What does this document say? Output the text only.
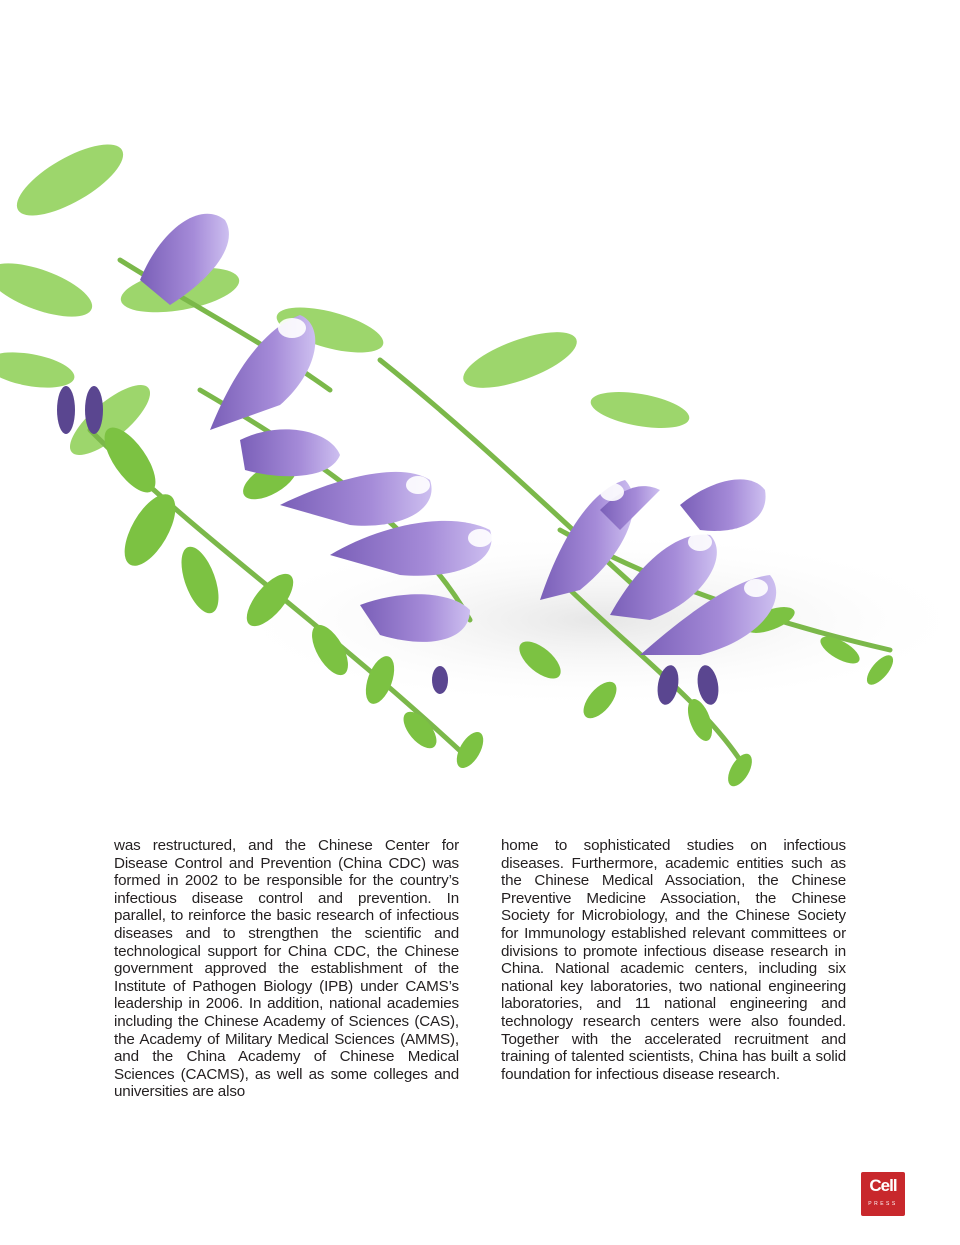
was restructured, and the Chinese Center for Disease Control and Prevention (China CDC) was formed in 2002 to be responsible for the country’s infectious disease control and prevention. In parallel, to reinforce the basic research of infectious diseases and to strengthen the scientific and technological support for China CDC, the Chinese government approved the establishment of the Institute of Pathogen Biology (IPB) under CAMS’s leadership in 2006. In addition, national academies including the Chinese Academy of Sciences (CAS), the Academy of Military Medical Sciences (AMMS), and the China Academy of Chinese Medical Sciences (CACMS), as well as some colleges and universities are also

home to sophisticated studies on infectious diseases. Furthermore, academic entities such as the Chinese Medical Association, the Chinese Preventive Medicine Association, the Chinese Society for Microbiology, and the Chinese Society for Immunology established relevant committees or divisions to promote infectious disease research in China. National academic centers, including six national key laboratories, two national engineering laboratories, and 11 national engineering and technology research centers were also founded. Together with the accelerated recruitment and training of talented scientists, China has built a solid foundation for infectious disease research.

Cell
PRESS
